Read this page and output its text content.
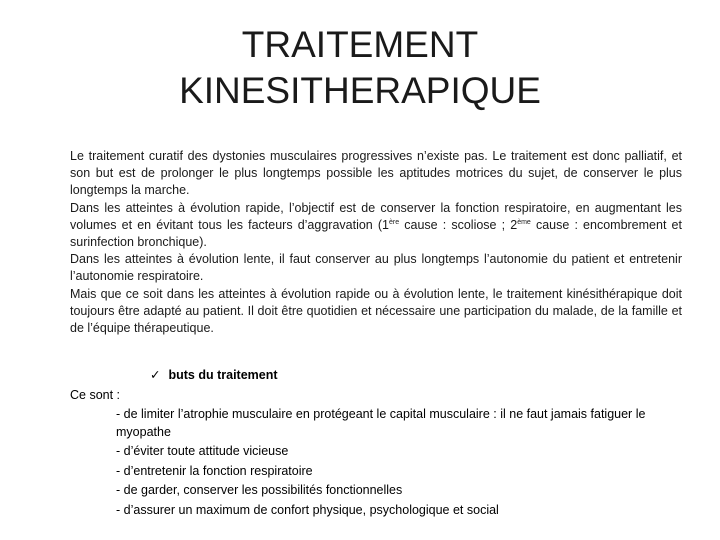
TRAITEMENT
KINESITHERAPIQUE

Le traitement curatif des dystonies musculaires progressives n’existe pas. Le traitement est donc palliatif, et son but est de prolonger le plus longtemps possible les aptitudes motrices du sujet, de conserver le plus longtemps la marche.

Dans les atteintes à évolution rapide, l’objectif est de conserver la fonction respiratoire, en augmentant les volumes et en évitant tous les facteurs d’aggravation (1ère cause : scoliose ; 2ème cause : encombrement et surinfection bronchique).

Dans les atteintes à évolution lente, il faut conserver au plus longtemps l’autonomie du patient et entretenir l’autonomie respiratoire.

Mais que ce soit dans les atteintes à évolution rapide ou à évolution lente, le traitement kinésithérapique doit toujours être adapté au patient. Il doit être quotidien et nécessaire une participation du malade, de la famille et de l’équipe thérapeutique.

✓ buts du traitement
Ce sont :
- de limiter l’atrophie musculaire en protégeant le capital musculaire : il ne faut jamais fatiguer le myopathe
- d’éviter toute attitude vicieuse
- d’entretenir la fonction respiratoire
- de garder, conserver les possibilités fonctionnelles
- d’assurer un maximum de confort physique, psychologique et social
